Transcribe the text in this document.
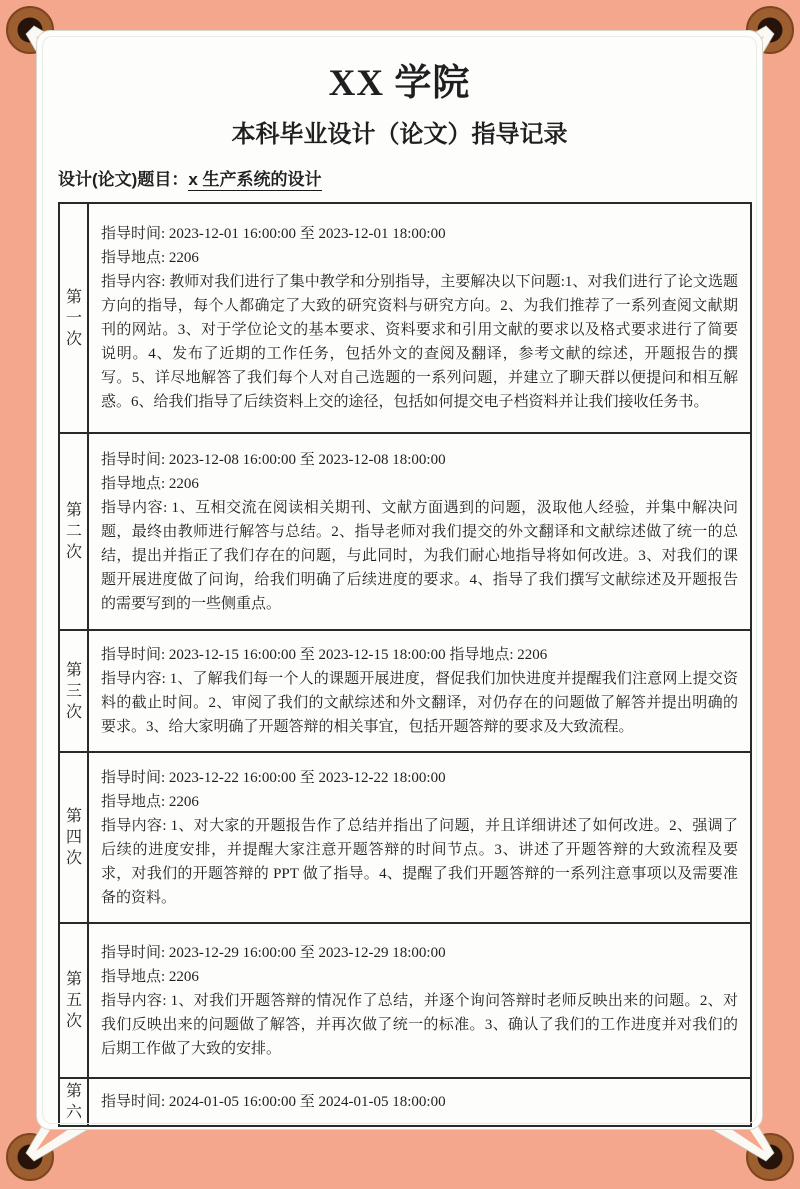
XX 学院
本科毕业设计（论文）指导记录
设计(论文)题目：x 生产系统的设计
第一次	指导时间: 2023-12-01 16:00:00 至 2023-12-01 18:00:00

指导地点: 2206

指导内容: 教师对我们进行了集中教学和分别指导，主要解决以下问题:1、对我们进行了论文选题方向的指导，每个人都确定了大致的研究资料与研究方向。2、为我们推荐了一系列查阅文献期刊的网站。3、对于学位论文的基本要求、资料要求和引用文献的要求以及格式要求进行了简要说明。4、发布了近期的工作任务，包括外文的查阅及翻译，参考文献的综述，开题报告的撰写。5、详尽地解答了我们每个人对自己选题的一系列问题，并建立了聊天群以便提问和相互解惑。6、给我们指导了后续资料上交的途径，包括如何提交电子档资料并让我们接收任务书。

第二次	指导时间: 2023-12-08 16:00:00 至 2023-12-08 18:00:00

指导地点: 2206

指导内容: 1、互相交流在阅读相关期刊、文献方面遇到的问题，汲取他人经验，并集中解决问题，最终由教师进行解答与总结。2、指导老师对我们提交的外文翻译和文献综述做了统一的总结，提出并指正了我们存在的问题，与此同时，为我们耐心地指导将如何改进。3、对我们的课题开展进度做了问询，给我们明确了后续进度的要求。4、指导了我们撰写文献综述及开题报告的需要写到的一些侧重点。

第三次	指导时间: 2023-12-15 16:00:00 至 2023-12-15 18:00:00 指导地点: 2206

指导内容: 1、了解我们每一个人的课题开展进度，督促我们加快进度并提醒我们注意网上提交资料的截止时间。2、审阅了我们的文献综述和外文翻译，对仍存在的问题做了解答并提出明确的要求。3、给大家明确了开题答辩的相关事宜，包括开题答辩的要求及大致流程。

第四次	指导时间: 2023-12-22 16:00:00 至 2023-12-22 18:00:00

指导地点: 2206

指导内容: 1、对大家的开题报告作了总结并指出了问题，并且详细讲述了如何改进。2、强调了后续的进度安排，并提醒大家注意开题答辩的时间节点。3、讲述了开题答辩的大致流程及要求，对我们的开题答辩的 PPT 做了指导。4、提醒了我们开题答辩的一系列注意事项以及需要准备的资料。

第五次	指导时间: 2023-12-29 16:00:00 至 2023-12-29 18:00:00

指导地点: 2206

指导内容: 1、对我们开题答辩的情况作了总结，并逐个询问答辩时老师反映出来的问题。2、对我们反映出来的问题做了解答，并再次做了统一的标准。3、确认了我们的工作进度并对我们的后期工作做了大致的安排。

第六	指导时间: 2024-01-05 16:00:00 至 2024-01-05 18:00:00
